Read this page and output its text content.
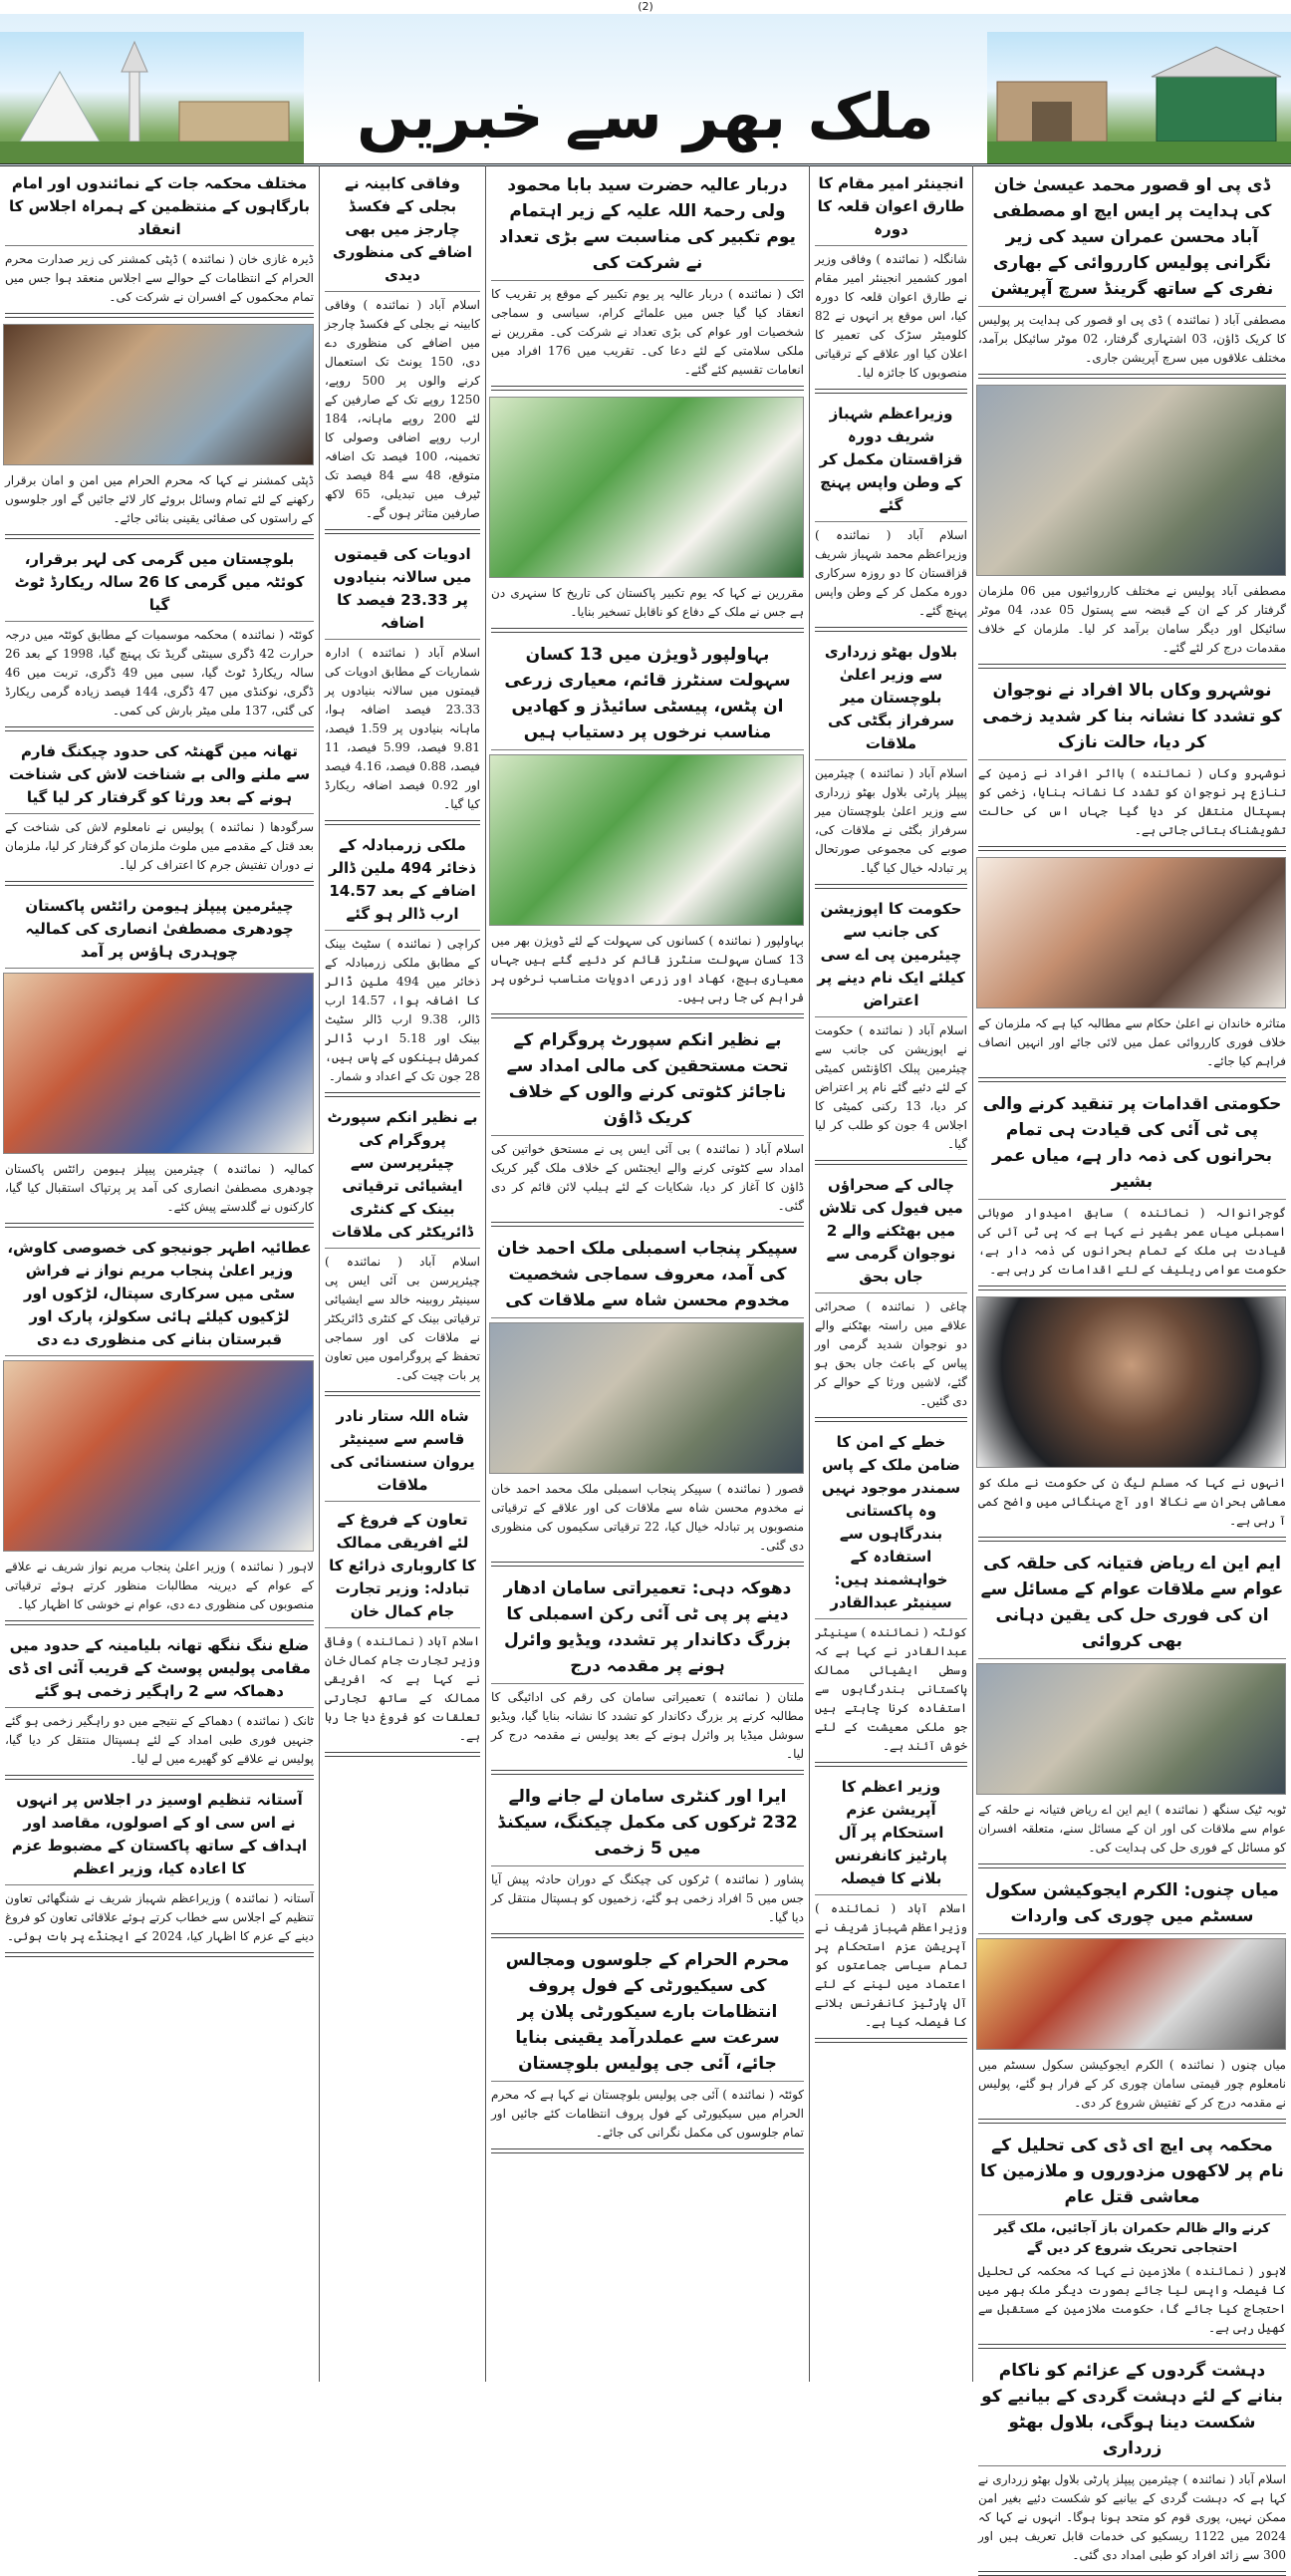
(2)
ملک بھر سے خبریں
ڈی پی او قصور محمد عیسیٰ خان کی ہدایت پر ایس ایچ او مصطفی آباد محسن عمران سید کی زیر نگرانی پولیس کارروائی کے بھاری نفری کے ساتھ گرینڈ سرچ آپریشن

مصطفی آباد ( نمائندہ ) ڈی پی او قصور کی ہدایت پر پولیس کا کریک ڈاؤن، 03 اشتہاری گرفتار، 02 موٹر سائیکل برآمد، مختلف علاقوں میں سرچ آپریشن جاری۔

مصطفی آباد پولیس نے مختلف کارروائیوں میں 06 ملزمان گرفتار کر کے ان کے قبضہ سے پستول 05 عدد، 04 موٹر سائیکل اور دیگر سامان برآمد کر لیا۔ ملزمان کے خلاف مقدمات درج کر لئے گئے۔

نوشہرو وکاں بالا افراد نے نوجوان کو تشدد کا نشانہ بنا کر شدید زخمی کر دیا، حالت نازک

نوشہرو وکاں ( نمائندہ ) بااثر افراد نے زمین کے تنازع پر نوجوان کو تشدد کا نشانہ بنایا، زخمی کو ہسپتال منتقل کر دیا گیا جہاں اس کی حالت تشویشناک بتائی جاتی ہے۔

متاثرہ خاندان نے اعلیٰ حکام سے مطالبہ کیا ہے کہ ملزمان کے خلاف فوری کارروائی عمل میں لائی جائے اور انہیں انصاف فراہم کیا جائے۔

حکومتی اقدامات پر تنقید کرنے والی پی ٹی آئی کی قیادت ہی تمام بحرانوں کی ذمہ دار ہے، میاں عمر بشیر

گوجرانوالہ ( نمائندہ ) سابق امیدوار صوبائی اسمبلی میاں عمر بشیر نے کہا ہے کہ پی ٹی آئی کی قیادت ہی ملک کے تمام بحرانوں کی ذمہ دار ہے، حکومت عوامی ریلیف کے لئے اقدامات کر رہی ہے۔

انہوں نے کہا کہ مسلم لیگ ن کی حکومت نے ملک کو معاشی بحران سے نکالا اور آج مہنگائی میں واضح کمی آ رہی ہے۔

ایم این اے ریاض فتیانہ کی حلقہ کی عوام سے ملاقات عوام کے مسائل سے ان کی فوری حل کی یقین دہانی بھی کروائی

ٹوبہ ٹیک سنگھ ( نمائندہ ) ایم این اے ریاض فتیانہ نے حلقہ کے عوام سے ملاقات کی اور ان کے مسائل سنے، متعلقہ افسران کو مسائل کے فوری حل کی ہدایت کی۔

میاں چنوں: الکرم ایجوکیشن سکول سسٹم میں چوری کی واردات

میاں چنوں ( نمائندہ ) الکرم ایجوکیشن سکول سسٹم میں نامعلوم چور قیمتی سامان چوری کر کے فرار ہو گئے، پولیس نے مقدمہ درج کر کے تفتیش شروع کر دی۔

محکمہ پی ایچ ای ڈی کی تحلیل کے نام پر لاکھوں مزدوروں و ملازمین کا معاشی قتل عام
کرنے والے ظالم حکمران باز آجائیں، ملک گیر احتجاجی تحریک شروع کر دیں گے

لاہور ( نمائندہ ) ملازمین نے کہا کہ محکمہ کی تحلیل کا فیصلہ واپس لیا جائے بصورت دیگر ملک بھر میں احتجاج کیا جائے گا، حکومت ملازمین کے مستقبل سے کھیل رہی ہے۔

دہشت گردوں کے عزائم کو ناکام بنانے کے لئے دہشت گردی کے بیانیے کو شکست دینا ہوگی، بلاول بھٹو زرداری

اسلام آباد ( نمائندہ ) چیئرمین پیپلز پارٹی بلاول بھٹو زرداری نے کہا ہے کہ دہشت گردی کے بیانیے کو شکست دئیے بغیر امن ممکن نہیں، پوری قوم کو متحد ہونا ہوگا۔ انہوں نے کہا کہ 2024 میں 1122 ریسکیو کی خدمات قابل تعریف ہیں اور 300 سے زائد افراد کو طبی امداد دی گئی۔

انجینئر امیر مقام کا طارق اعوان قلعہ کا دورہ

شانگلہ ( نمائندہ ) وفاقی وزیر امور کشمیر انجینئر امیر مقام نے طارق اعوان قلعہ کا دورہ کیا، اس موقع پر انہوں نے 82 کلومیٹر سڑک کی تعمیر کا اعلان کیا اور علاقے کے ترقیاتی منصوبوں کا جائزہ لیا۔

وزیراعظم شہباز شریف دورہ قزاقستان مکمل کر کے وطن واپس پہنچ گئے

اسلام آباد ( نمائندہ ) وزیراعظم محمد شہباز شریف قزاقستان کا دو روزہ سرکاری دورہ مکمل کر کے وطن واپس پہنچ گئے۔

بلاول بھٹو زرداری سے وزیر اعلیٰ بلوچستان میر سرفراز بگٹی کی ملاقات

اسلام آباد ( نمائندہ ) چیئرمین پیپلز پارٹی بلاول بھٹو زرداری سے وزیر اعلیٰ بلوچستان میر سرفراز بگٹی نے ملاقات کی، صوبے کی مجموعی صورتحال پر تبادلہ خیال کیا گیا۔

حکومت کا اپوزیشن کی جانب سے چیئرمین پی اے سی کیلئے ایک نام دینے پر اعتراض

اسلام آباد ( نمائندہ ) حکومت نے اپوزیشن کی جانب سے چیئرمین پبلک اکاؤنٹس کمیٹی کے لئے دئیے گئے نام پر اعتراض کر دیا، 13 رکنی کمیٹی کا اجلاس 4 جون کو طلب کر لیا گیا۔

چالی کے صحراؤں میں فیول کی تلاش میں بھٹکنے والے 2 نوجوان گرمی سے جاں بحق

چاغی ( نمائندہ ) صحرائی علاقے میں راستہ بھٹکنے والے دو نوجوان شدید گرمی اور پیاس کے باعث جاں بحق ہو گئے، لاشیں ورثا کے حوالے کر دی گئیں۔

خطے کے امن کا ضامن ملک کے پاس سمندر موجود نہیں وہ پاکستانی بندرگاہوں سے استفادہ کے خواہشمند ہیں: سینیٹر عبدالقادر

کوئٹہ ( نمائندہ ) سینیٹر عبدالقادر نے کہا ہے کہ وسطی ایشیائی ممالک پاکستانی بندرگاہوں سے استفادہ کرنا چاہتے ہیں جو ملکی معیشت کے لئے خوش آئند ہے۔

وزیر اعظم کا آپریشن عزم استحکام پر آل پارٹیز کانفرنس بلانے کا فیصلہ

اسلام آباد ( نمائندہ ) وزیراعظم شہباز شریف نے آپریشن عزم استحکام پر تمام سیاسی جماعتوں کو اعتماد میں لینے کے لئے آل پارٹیز کانفرنس بلانے کا فیصلہ کیا ہے۔

دربار عالیہ حضرت سید بابا محمود ولی رحمۃ اللہ علیہ کے زیر اہتمام یوم تکبیر کی مناسبت سے بڑی تعداد نے شرکت کی

اٹک ( نمائندہ ) دربار عالیہ پر یوم تکبیر کے موقع پر تقریب کا انعقاد کیا گیا جس میں علمائے کرام، سیاسی و سماجی شخصیات اور عوام کی بڑی تعداد نے شرکت کی۔ مقررین نے ملکی سلامتی کے لئے دعا کی۔ تقریب میں 176 افراد میں انعامات تقسیم کئے گئے۔

مقررین نے کہا کہ یوم تکبیر پاکستان کی تاریخ کا سنہری دن ہے جس نے ملک کے دفاع کو ناقابل تسخیر بنایا۔

بہاولپور ڈویژن میں 13 کسان سہولت سنٹرز قائم، معیاری زرعی ان پٹس، پیسٹی سائیڈز و کھادیں مناسب نرخوں پر دستیاب ہیں

بہاولپور ( نمائندہ ) کسانوں کی سہولت کے لئے ڈویژن بھر میں 13 کسان سہولت سنٹرز قائم کر دئیے گئے ہیں جہاں معیاری بیج، کھاد اور زرعی ادویات مناسب نرخوں پر فراہم کی جا رہی ہیں۔

بے نظیر انکم سپورٹ پروگرام کے تحت مستحقین کی مالی امداد سے ناجائز کٹوتی کرنے والوں کے خلاف کریک ڈاؤن

اسلام آباد ( نمائندہ ) بی آئی ایس پی نے مستحق خواتین کی امداد سے کٹوتی کرنے والے ایجنٹس کے خلاف ملک گیر کریک ڈاؤن کا آغاز کر دیا، شکایات کے لئے ہیلپ لائن قائم کر دی گئی۔

سپیکر پنجاب اسمبلی ملک احمد خان کی آمد، معروف سماجی شخصیت مخدوم محسن شاہ سے ملاقات کی

قصور ( نمائندہ ) سپیکر پنجاب اسمبلی ملک محمد احمد خان نے مخدوم محسن شاہ سے ملاقات کی اور علاقے کے ترقیاتی منصوبوں پر تبادلہ خیال کیا، 22 ترقیاتی سکیموں کی منظوری دی گئی۔

دھوکہ دہی: تعمیراتی سامان ادھار دینے پر پی ٹی آئی رکن اسمبلی کا بزرگ دکاندار پر تشدد، ویڈیو وائرل ہونے پر مقدمہ درج

ملتان ( نمائندہ ) تعمیراتی سامان کی رقم کی ادائیگی کا مطالبہ کرنے پر بزرگ دکاندار کو تشدد کا نشانہ بنایا گیا، ویڈیو سوشل میڈیا پر وائرل ہونے کے بعد پولیس نے مقدمہ درج کر لیا۔

ایرا اور کنٹری سامان لے جانے والے 232 ٹرکوں کی مکمل چیکنگ، سیکنڈ میں 5 زخمی

پشاور ( نمائندہ ) ٹرکوں کی چیکنگ کے دوران حادثہ پیش آیا جس میں 5 افراد زخمی ہو گئے، زخمیوں کو ہسپتال منتقل کر دیا گیا۔

محرم الحرام کے جلوسوں ومجالس کی سیکیورٹی کے فول پروف انتظامات بارے سیکورٹی پلان پر سرعت سے عملدرآمد یقینی بنایا جائے، آئی جی پولیس بلوچستان

کوئٹہ ( نمائندہ ) آئی جی پولیس بلوچستان نے کہا ہے کہ محرم الحرام میں سیکیورٹی کے فول پروف انتظامات کئے جائیں اور تمام جلوسوں کی مکمل نگرانی کی جائے۔

وفاقی کابینہ نے بجلی کے فکسڈ چارجز میں بھی اضافے کی منظوری دیدی

اسلام آباد ( نمائندہ ) وفاقی کابینہ نے بجلی کے فکسڈ چارجز میں اضافے کی منظوری دے دی، 150 یونٹ تک استعمال کرنے والوں پر 500 روپے، 1250 روپے تک کے صارفین کے لئے 200 روپے ماہانہ، 184 ارب روپے اضافی وصولی کا تخمینہ، 100 فیصد تک اضافہ متوقع، 48 سے 84 فیصد تک ٹیرف میں تبدیلی، 65 لاکھ صارفین متاثر ہوں گے۔

ادویات کی قیمتوں میں سالانہ بنیادوں پر 23.33 فیصد کا اضافہ

اسلام آباد ( نمائندہ ) ادارہ شماریات کے مطابق ادویات کی قیمتوں میں سالانہ بنیادوں پر 23.33 فیصد اضافہ ہوا، ماہانہ بنیادوں پر 1.59 فیصد، 9.81 فیصد، 5.99 فیصد، 11 فیصد، 0.88 فیصد، 4.16 فیصد اور 0.92 فیصد اضافہ ریکارڈ کیا گیا۔

ملکی زرمبادلہ کے ذخائر 494 ملین ڈالر اضافے کے بعد 14.57 ارب ڈالر ہو گئے

کراچی ( نمائندہ ) سٹیٹ بینک کے مطابق ملکی زرمبادلہ کے ذخائر میں 494 ملین ڈالر کا اضافہ ہوا، 14.57 ارب ڈالر، 9.38 ارب ڈالر سٹیٹ بینک اور 5.18 ارب ڈالر کمرشل بینکوں کے پاس ہیں، 28 جون تک کے اعداد و شمار۔

بے نظیر انکم سپورٹ پروگرام کی چیئرپرسن سے ایشیائی ترقیاتی بینک کے کنٹری ڈائریکٹر کی ملاقات

اسلام آباد ( نمائندہ ) چیئرپرسن بی آئی ایس پی سینیٹر روبینہ خالد سے ایشیائی ترقیاتی بینک کے کنٹری ڈائریکٹر نے ملاقات کی اور سماجی تحفظ کے پروگراموں میں تعاون پر بات چیت کی۔

شاہ اللہ ستار نادر قاسم سے سینیٹر یروان سنسنائی کی ملاقات
تعاون کے فروغ کے لئے افریقی ممالک کا کاروباری ذرائع کا تبادلہ: وزیر تجارت جام کمال خان

اسلام آباد ( نمائندہ ) وفاقی وزیر تجارت جام کمال خان نے کہا ہے کہ افریقی ممالک کے ساتھ تجارتی تعلقات کو فروغ دیا جا رہا ہے۔

مختلف محکمہ جات کے نمائندوں اور امام بارگاہوں کے منتظمین کے ہمراہ اجلاس کا انعقاد

ڈیرہ غازی خان ( نمائندہ ) ڈپٹی کمشنر کی زیر صدارت محرم الحرام کے انتظامات کے حوالے سے اجلاس منعقد ہوا جس میں تمام محکموں کے افسران نے شرکت کی۔

ڈپٹی کمشنر نے کہا کہ محرم الحرام میں امن و امان برقرار رکھنے کے لئے تمام وسائل بروئے کار لائے جائیں گے اور جلوسوں کے راستوں کی صفائی یقینی بنائی جائے۔

بلوچستان میں گرمی کی لہر برقرار، کوئٹہ میں گرمی کا 26 سالہ ریکارڈ ٹوٹ گیا

کوئٹہ ( نمائندہ ) محکمہ موسمیات کے مطابق کوئٹہ میں درجہ حرارت 42 ڈگری سینٹی گریڈ تک پہنچ گیا، 1998 کے بعد 26 سالہ ریکارڈ ٹوٹ گیا، سبی میں 49 ڈگری، تربت میں 46 ڈگری، نوکنڈی میں 47 ڈگری، 144 فیصد زیادہ گرمی ریکارڈ کی گئی، 137 ملی میٹر بارش کی کمی۔

تھانہ مین گھنٹہ کی حدود چیکنگ فارم سے ملنے والی بے شناخت لاش کی شناخت ہونے کے بعد ورثا کو گرفتار کر لیا گیا

سرگودھا ( نمائندہ ) پولیس نے نامعلوم لاش کی شناخت کے بعد قتل کے مقدمے میں ملوث ملزمان کو گرفتار کر لیا، ملزمان نے دوران تفتیش جرم کا اعتراف کر لیا۔

چیئرمین پیپلز ہیومن رائٹس پاکستان چودھری مصطفیٰ انصاری کی کمالیہ چوہدری ہاؤس پر آمد

کمالیہ ( نمائندہ ) چیئرمین پیپلز ہیومن رائٹس پاکستان چودھری مصطفیٰ انصاری کی آمد پر پرتپاک استقبال کیا گیا، کارکنوں نے گلدستے پیش کئے۔

عطائیہ اطہر جونیجو کی خصوصی کاوش، وزیر اعلیٰ پنجاب مریم نواز نے فراش سٹی میں سرکاری سپتال، لڑکوں اور لڑکیوں کیلئے ہائی سکولز، پارک اور قبرستان بنانے کی منظوری دے دی

لاہور ( نمائندہ ) وزیر اعلیٰ پنجاب مریم نواز شریف نے علاقے کے عوام کے دیرینہ مطالبات منظور کرتے ہوئے ترقیاتی منصوبوں کی منظوری دے دی، عوام نے خوشی کا اظہار کیا۔

ضلع ننگ ننگھ تھانہ بلیامینہ کے حدود میں مقامی پولیس پوسٹ کے قریب آئی ای ڈی دھماکہ سے 2 راہگیر زخمی ہو گئے

ٹانک ( نمائندہ ) دھماکے کے نتیجے میں دو راہگیر زخمی ہو گئے جنہیں فوری طبی امداد کے لئے ہسپتال منتقل کر دیا گیا، پولیس نے علاقے کو گھیرے میں لے لیا۔

آستانہ تنظیم اوسیز در اجلاس پر انہوں نے اس سی او کے اصولوں، مقاصد اور اہداف کے ساتھ پاکستان کے مضبوط عزم کا اعادہ کیا، وزیر اعظم

آستانہ ( نمائندہ ) وزیراعظم شہباز شریف نے شنگھائی تعاون تنظیم کے اجلاس سے خطاب کرتے ہوئے علاقائی تعاون کو فروغ دینے کے عزم کا اظہار کیا، 2024 کے ایجنڈے پر بات ہوئی۔
